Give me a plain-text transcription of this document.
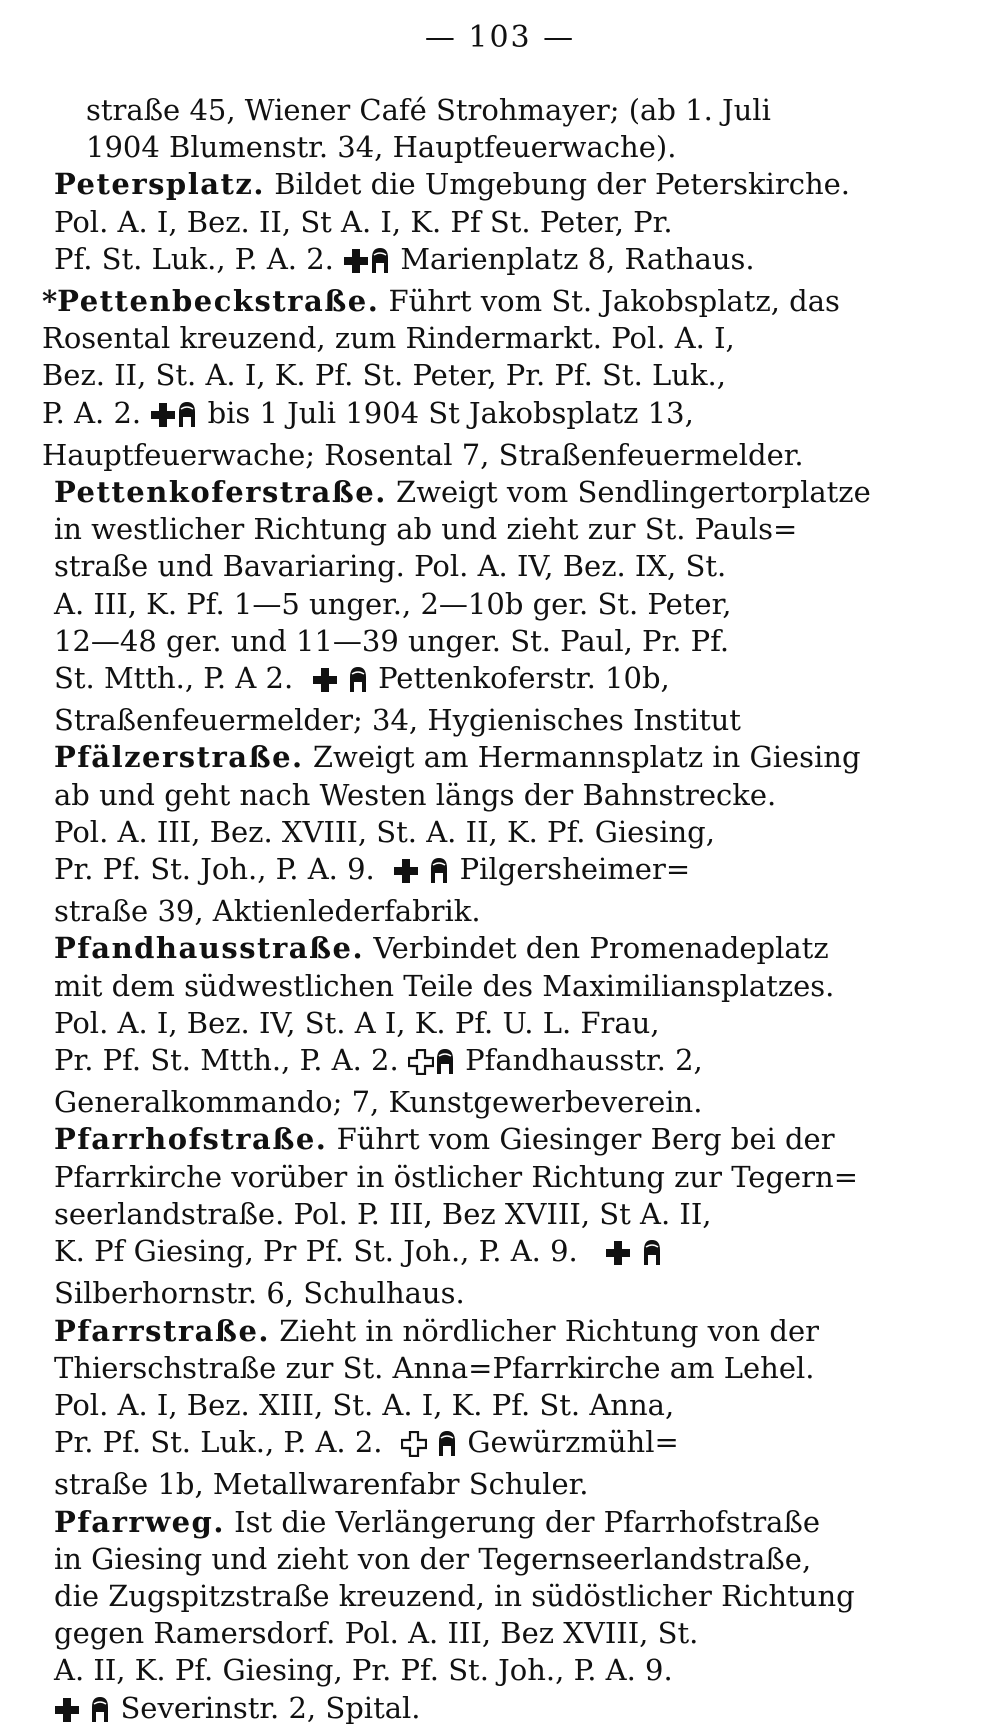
— 103 —
straße 45, Wiener Café Strohmayer; (ab 1. Juli
1904 Blumenstr. 34, Hauptfeuerwache).
Petersplatz. Bildet die Umgebung der Peterskirche.
Pol. A. I, Bez. II, St A. I, K. Pf St. Peter, Pr.
Pf. St. Luk., P. A. 2. Marienplatz 8, Rathaus.
*Pettenbeckstraße. Führt vom St. Jakobsplatz, das
Rosental kreuzend, zum Rindermarkt. Pol. A. I,
Bez. II, St. A. I, K. Pf. St. Peter, Pr. Pf. St. Luk.,
P. A. 2. bis 1 Juli 1904 St Jakobsplatz 13,
Hauptfeuerwache; Rosental 7, Straßenfeuermelder.
Pettenkoferstraße. Zweigt vom Sendlingertorplatze
in westlicher Richtung ab und zieht zur St. Pauls=
straße und Bavariaring. Pol. A. IV, Bez. IX, St.
A. III, K. Pf. 1—5 unger., 2—10b ger. St. Peter,
12—48 ger. und 11—39 unger. St. Paul, Pr. Pf.
St. Mtth., P. A 2.	Pettenkoferstr. 10b,
Straßenfeuermelder; 34, Hygienisches Institut
Pfälzerstraße. Zweigt am Hermannsplatz in Giesing
ab und geht nach Westen längs der Bahnstrecke.
Pol. A. III, Bez. XVIII, St. A. II, K. Pf. Giesing,
Pr. Pf. St. Joh., P. A. 9.	Pilgersheimer=
straße 39, Aktienlederfabrik.
Pfandhausstraße. Verbindet den Promenadeplatz
mit dem südwestlichen Teile des Maximiliansplatzes.
Pol. A. I, Bez. IV, St. A I, K. Pf. U. L. Frau,
Pr. Pf. St. Mtth., P. A. 2. Pfandhausstr. 2,
Generalkommando; 7, Kunstgewerbeverein.
Pfarrhofstraße. Führt vom Giesinger Berg bei der
Pfarrkirche vorüber in östlicher Richtung zur Tegern=
seerlandstraße. Pol. P. III, Bez XVIII, St A. II,
K. Pf Giesing, Pr Pf. St. Joh., P. A. 9.
Silberhornstr. 6, Schulhaus.
Pfarrstraße. Zieht in nördlicher Richtung von der
Thierschstraße zur St. Anna=Pfarrkirche am Lehel.
Pol. A. I, Bez. XIII, St. A. I, K. Pf. St. Anna,
Pr. Pf. St. Luk., P. A. 2.	Gewürzmühl=
straße 1b, Metallwarenfabr Schuler.
Pfarrweg. Ist die Verlängerung der Pfarrhofstraße
in Giesing und zieht von der Tegernseerlandstraße,
die Zugspitzstraße kreuzend, in südöstlicher Richtung
gegen Ramersdorf. Pol. A. III, Bez XVIII, St.
A. II, K. Pf. Giesing, Pr. Pf. St. Joh., P. A. 9.
Severinstr. 2, Spital.
